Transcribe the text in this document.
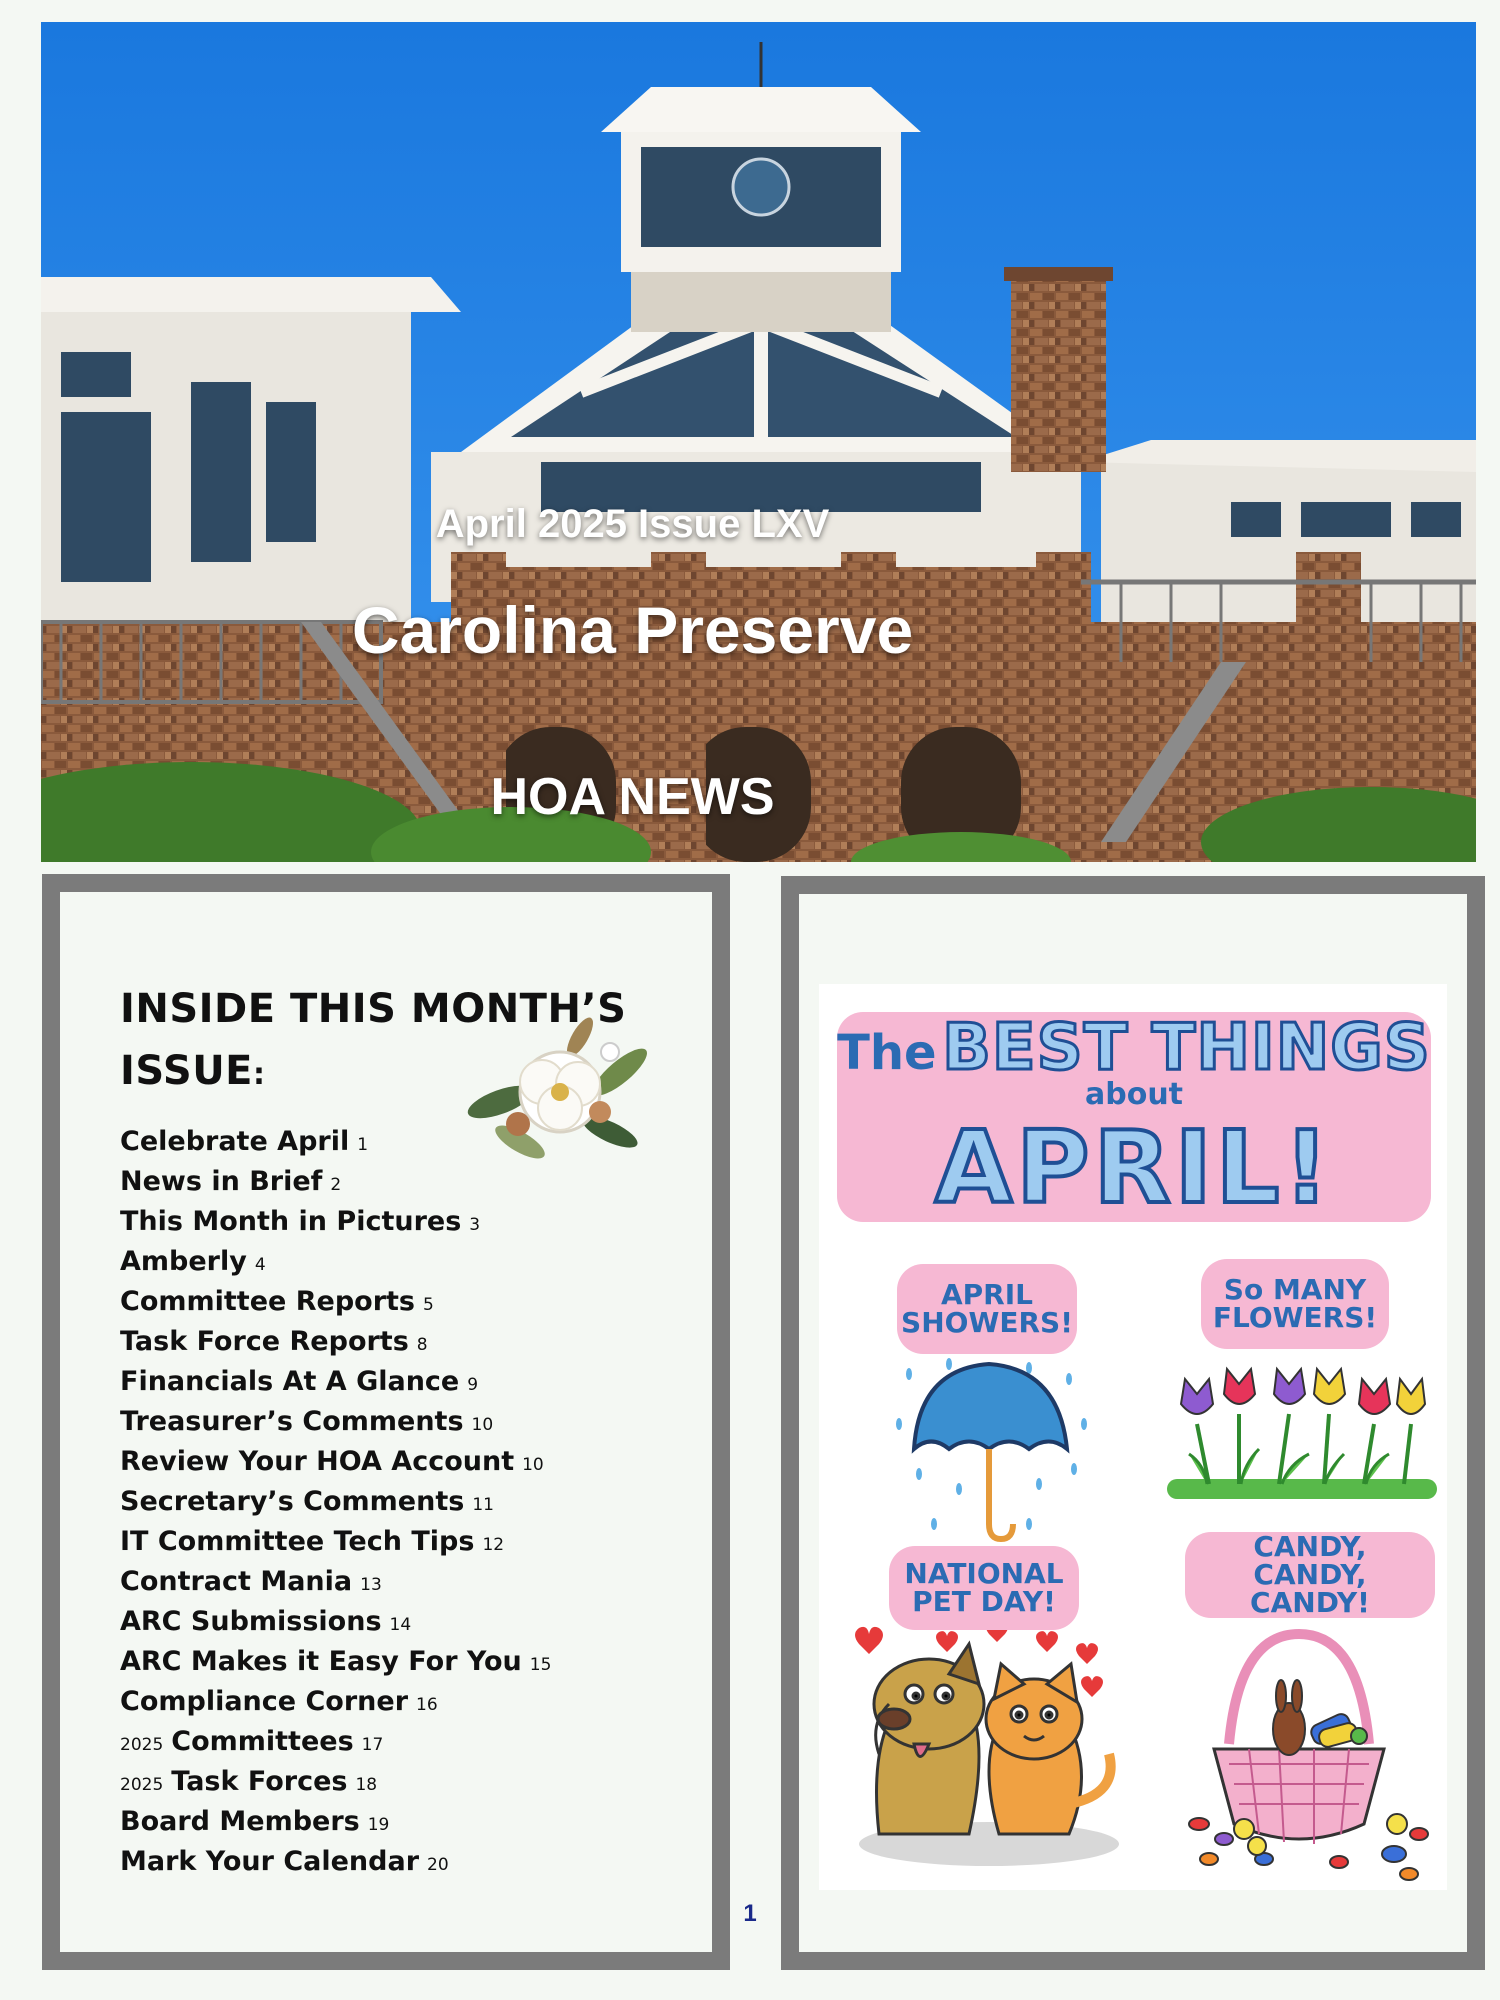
April 2025 Issue LXV
Carolina Preserve
HOA NEWS
INSIDE THIS MONTH’S
ISSUE:
Celebrate April 1
News in Brief 2
This Month in Pictures 3
Amberly 4
Committee Reports 5
Task Force Reports 8
Financials At A Glance 9
Treasurer’s Comments 10
Review Your HOA Account 10
Secretary’s Comments 11
IT Committee Tech Tips 12
Contract Mania 13
ARC Submissions 14
ARC Makes it Easy For You 15
Compliance Corner 16
2025 Committees 17
2025 Task Forces 18
Board Members 19
Mark Your Calendar 20
1
The BEST THINGS about
APRIL!
APRIL SHOWERS!
So MANY FLOWERS!
NATIONAL PET DAY!
CANDY, CANDY, CANDY!
